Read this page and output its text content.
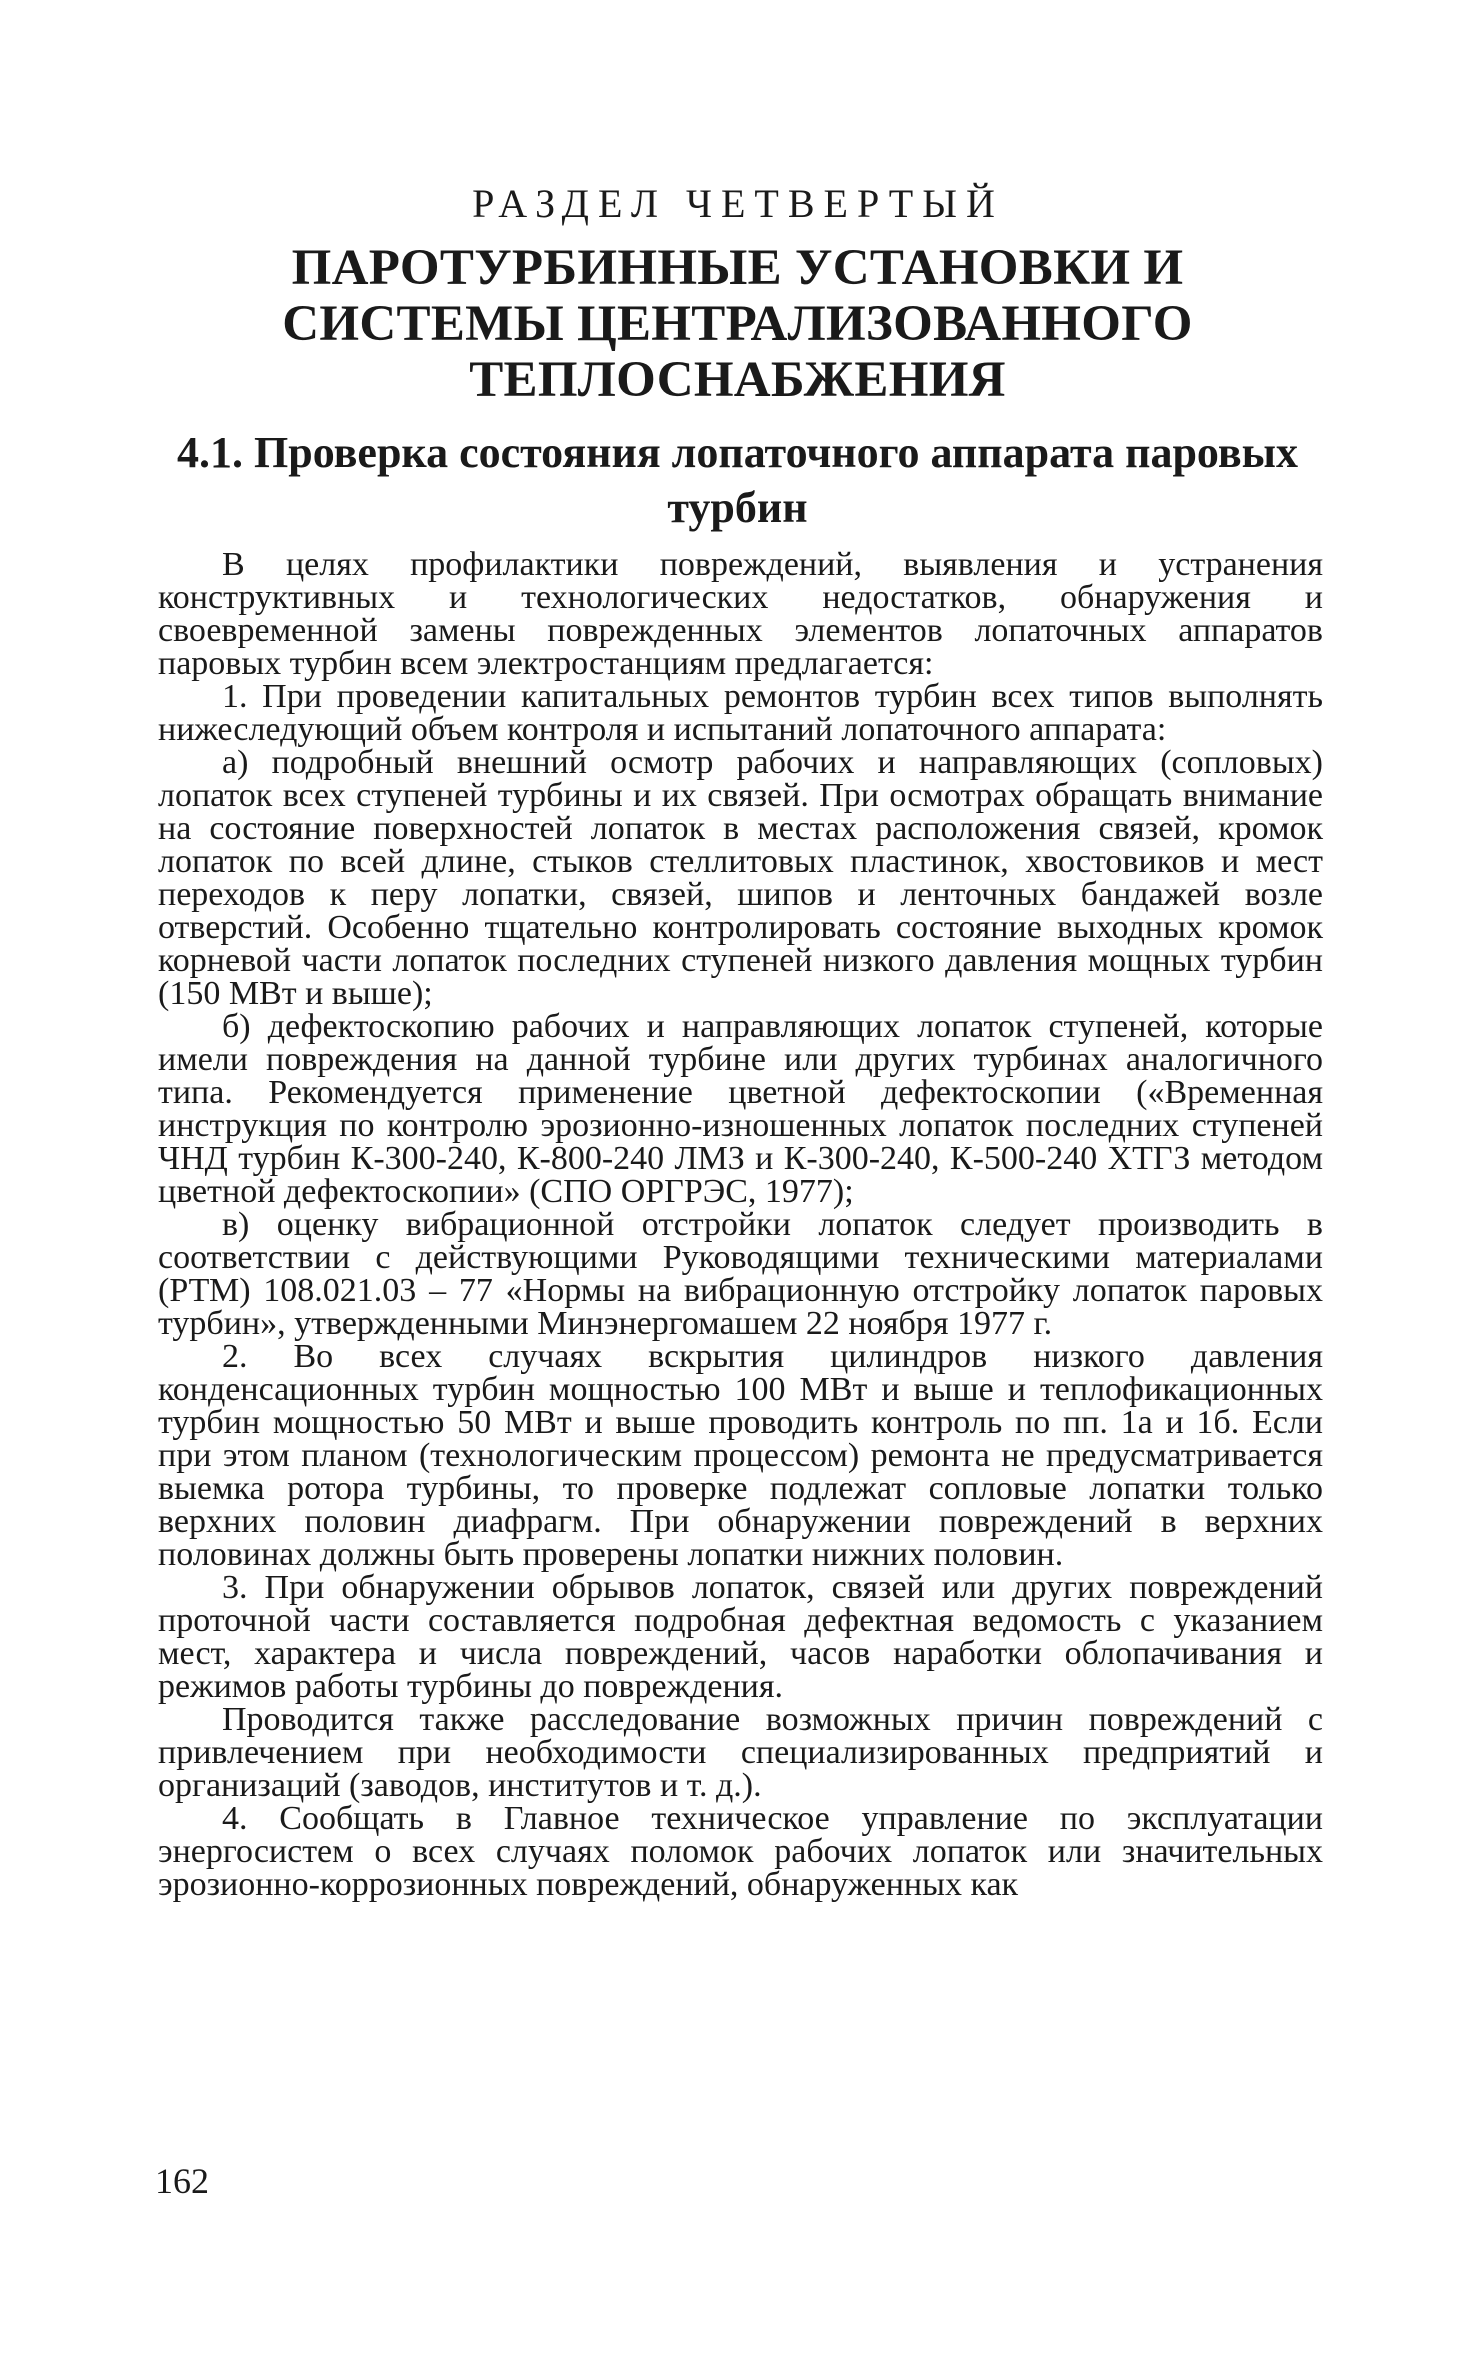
РАЗДЕЛ ЧЕТВЕРТЫЙ
ПАРОТУРБИННЫЕ УСТАНОВКИ И СИСТЕМЫ ЦЕНТРАЛИЗОВАННОГО ТЕПЛОСНАБЖЕНИЯ
4.1. Проверка состояния лопаточного аппарата паровых турбин

В целях профилактики повреждений, выявления и устранения конструктивных и технологических недостатков, обнаружения и своевременной замены поврежденных элементов лопаточных аппаратов паровых турбин всем электростанциям предлагается:

1. При проведении капитальных ремонтов турбин всех типов выполнять нижеследующий объем контроля и испытаний лопаточного аппарата:

а) подробный внешний осмотр рабочих и направляющих (сопловых) лопаток всех ступеней турбины и их связей. При осмотрах обращать внимание на состояние поверхностей лопаток в местах расположения связей, кромок лопаток по всей длине, стыков стеллитовых пластинок, хвостовиков и мест переходов к перу лопатки, связей, шипов и ленточных бандажей возле отверстий. Особенно тщательно контролировать состояние выходных кромок корневой части лопаток последних ступеней низкого давления мощных турбин (150 МВт и выше);

б) дефектоскопию рабочих и направляющих лопаток ступеней, которые имели повреждения на данной турбине или других турбинах аналогичного типа. Рекомендуется применение цветной дефектоскопии («Временная инструкция по контролю эрозионно-изношенных лопаток последних ступеней ЧНД турбин К-300-240, К-800-240 ЛМЗ и К-300-240, К-500-240 ХТГЗ методом цветной дефектоскопии» (СПО ОРГРЭС, 1977);

в) оценку вибрационной отстройки лопаток следует производить в соответствии с действующими Руководящими техническими материалами (РТМ) 108.021.03 – 77 «Нормы на вибрационную отстройку лопаток паровых турбин», утвержденными Минэнергомашем 22 ноября 1977 г.

2. Во всех случаях вскрытия цилиндров низкого давления конденсационных турбин мощностью 100 МВт и выше и теплофикационных турбин мощностью 50 МВт и выше проводить контроль по пп. 1а и 1б. Если при этом планом (технологическим процессом) ремонта не предусматривается выемка ротора турбины, то проверке подлежат сопловые лопатки только верхних половин диафрагм. При обнаружении повреждений в верхних половинах должны быть проверены лопатки нижних половин.

3. При обнаружении обрывов лопаток, связей или других повреждений проточной части составляется подробная дефектная ведомость с указанием мест, характера и числа повреждений, часов наработки облопачивания и режимов работы турбины до повреждения.

Проводится также расследование возможных причин повреждений с привлечением при необходимости специализированных предприятий и организаций (заводов, институтов и т. д.).

4. Сообщать в Главное техническое управление по эксплуатации энергосистем о всех случаях поломок рабочих лопаток или значительных эрозионно-коррозионных повреждений, обнаруженных как

162
